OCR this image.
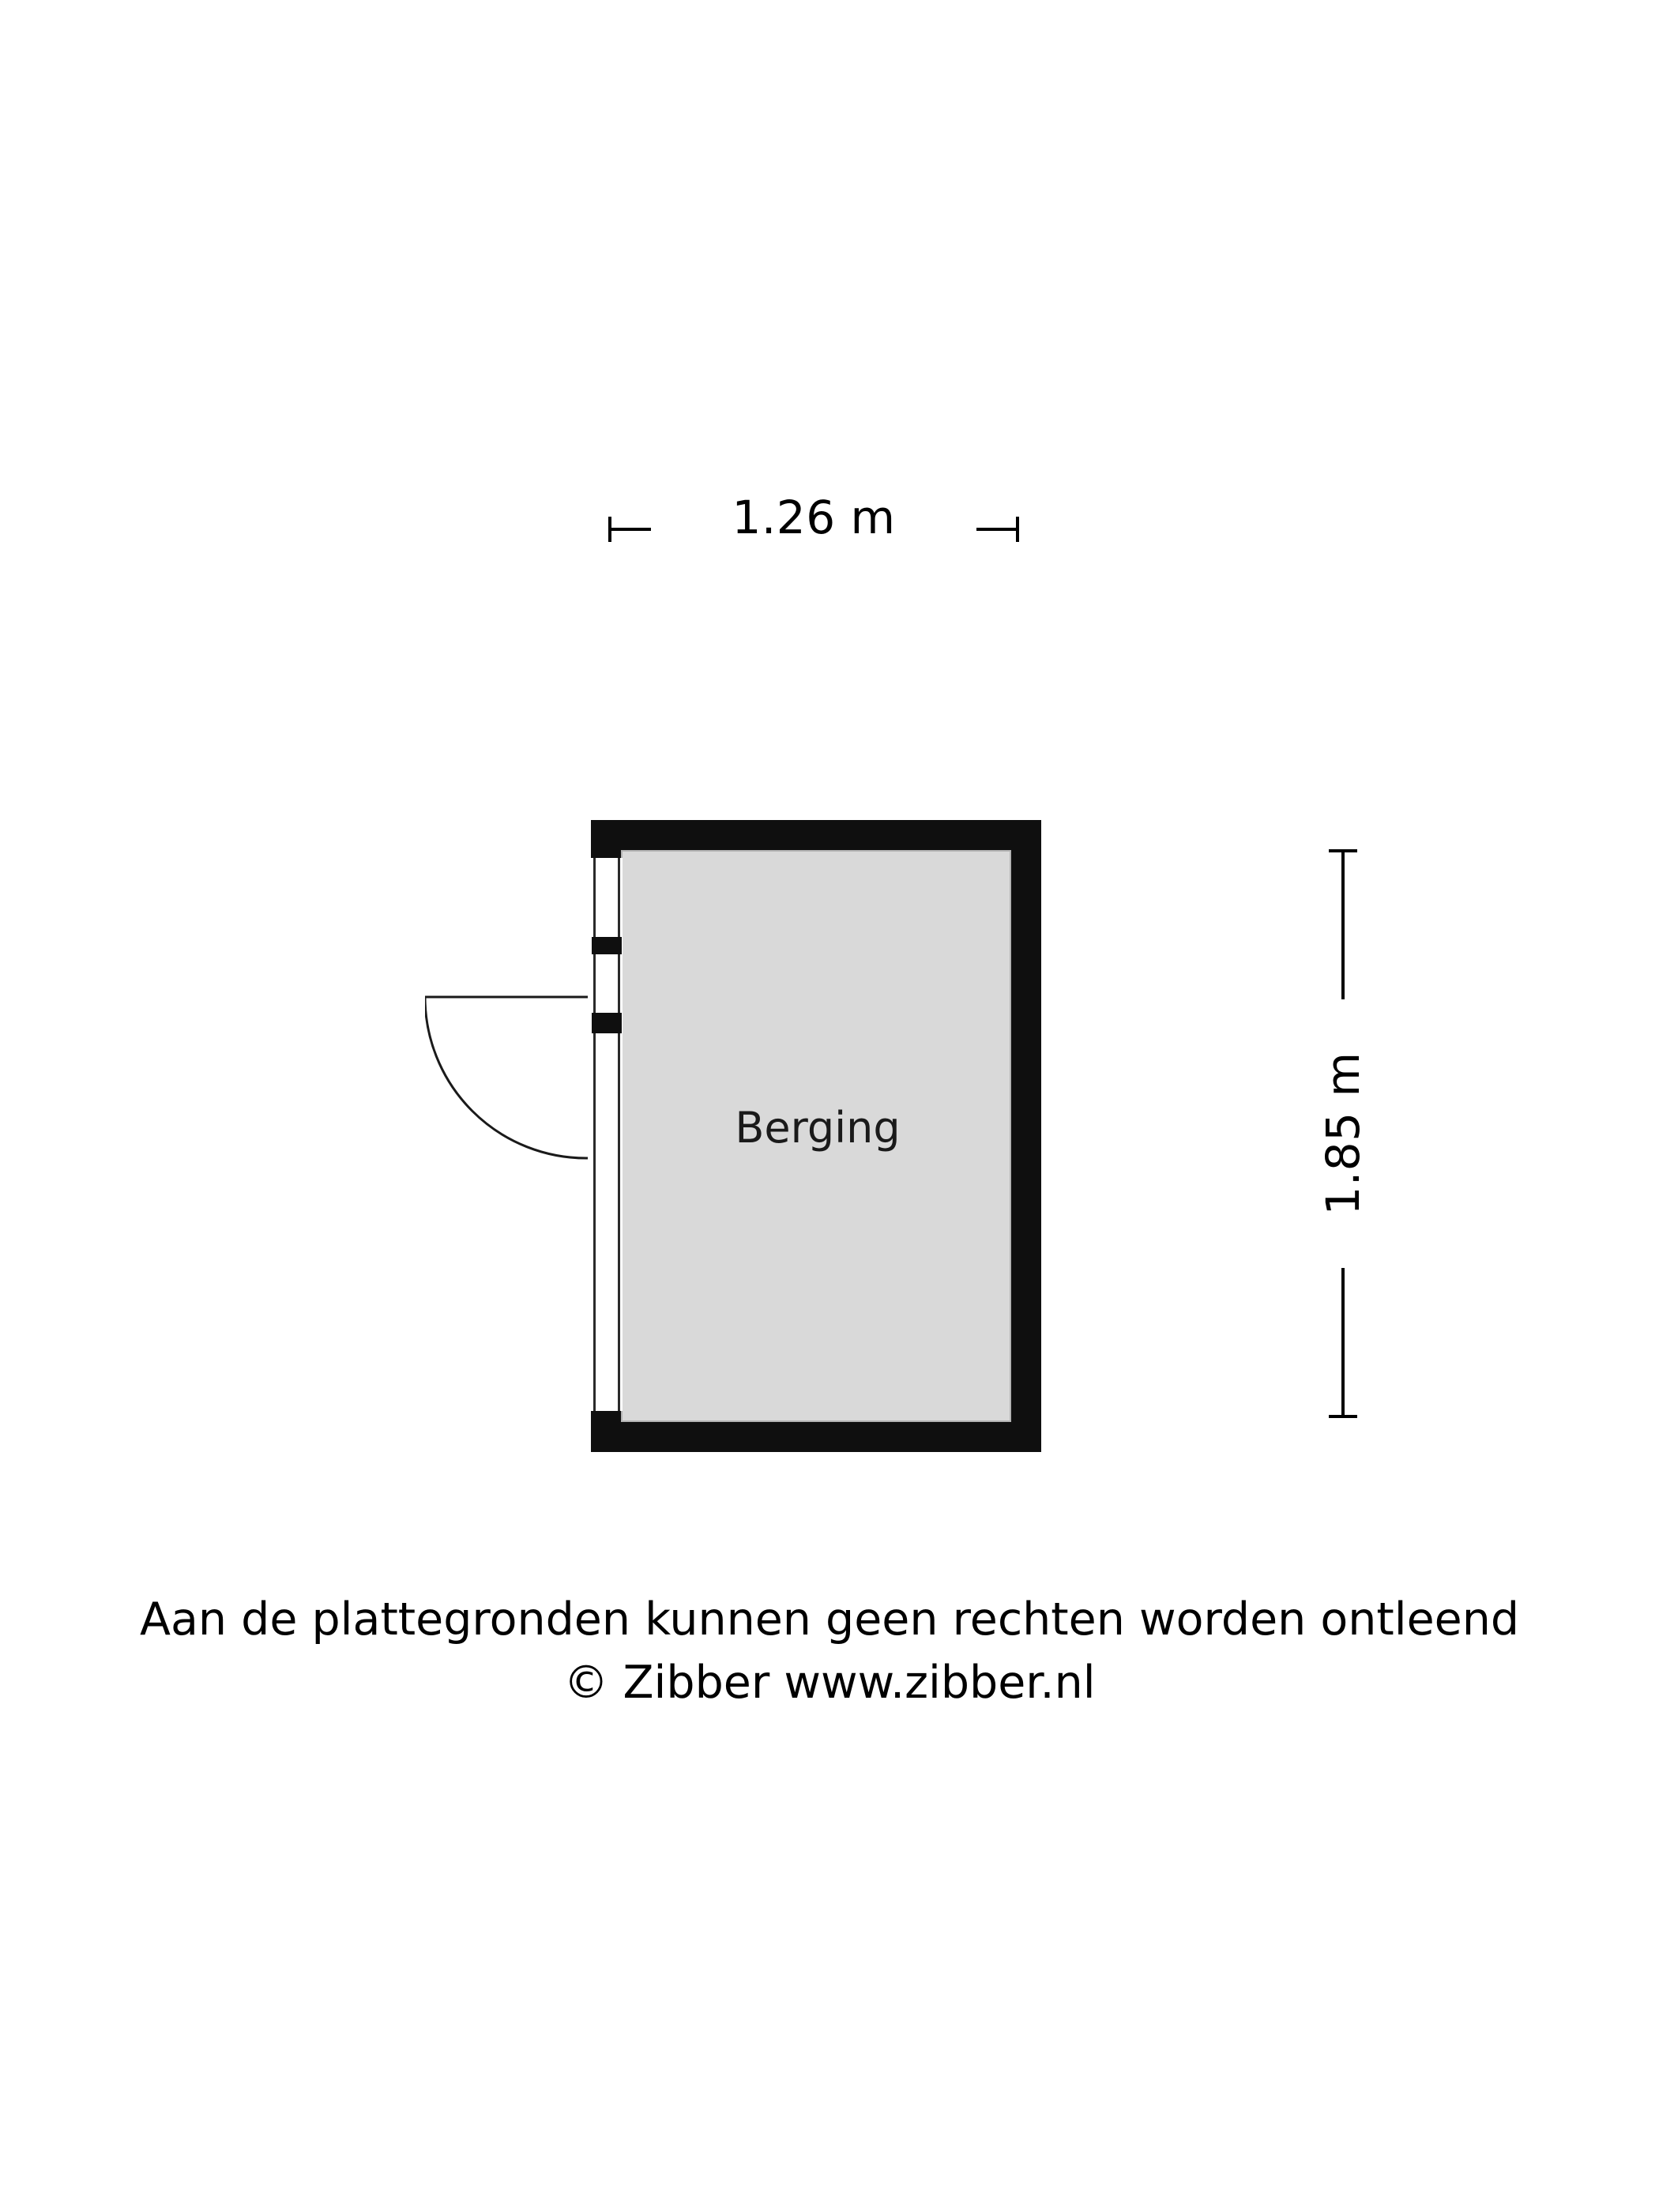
1.26 m
1.85 m
Berging
Aan de plattegronden kunnen geen rechten worden ontleend
© Zibber www.zibber.nl
